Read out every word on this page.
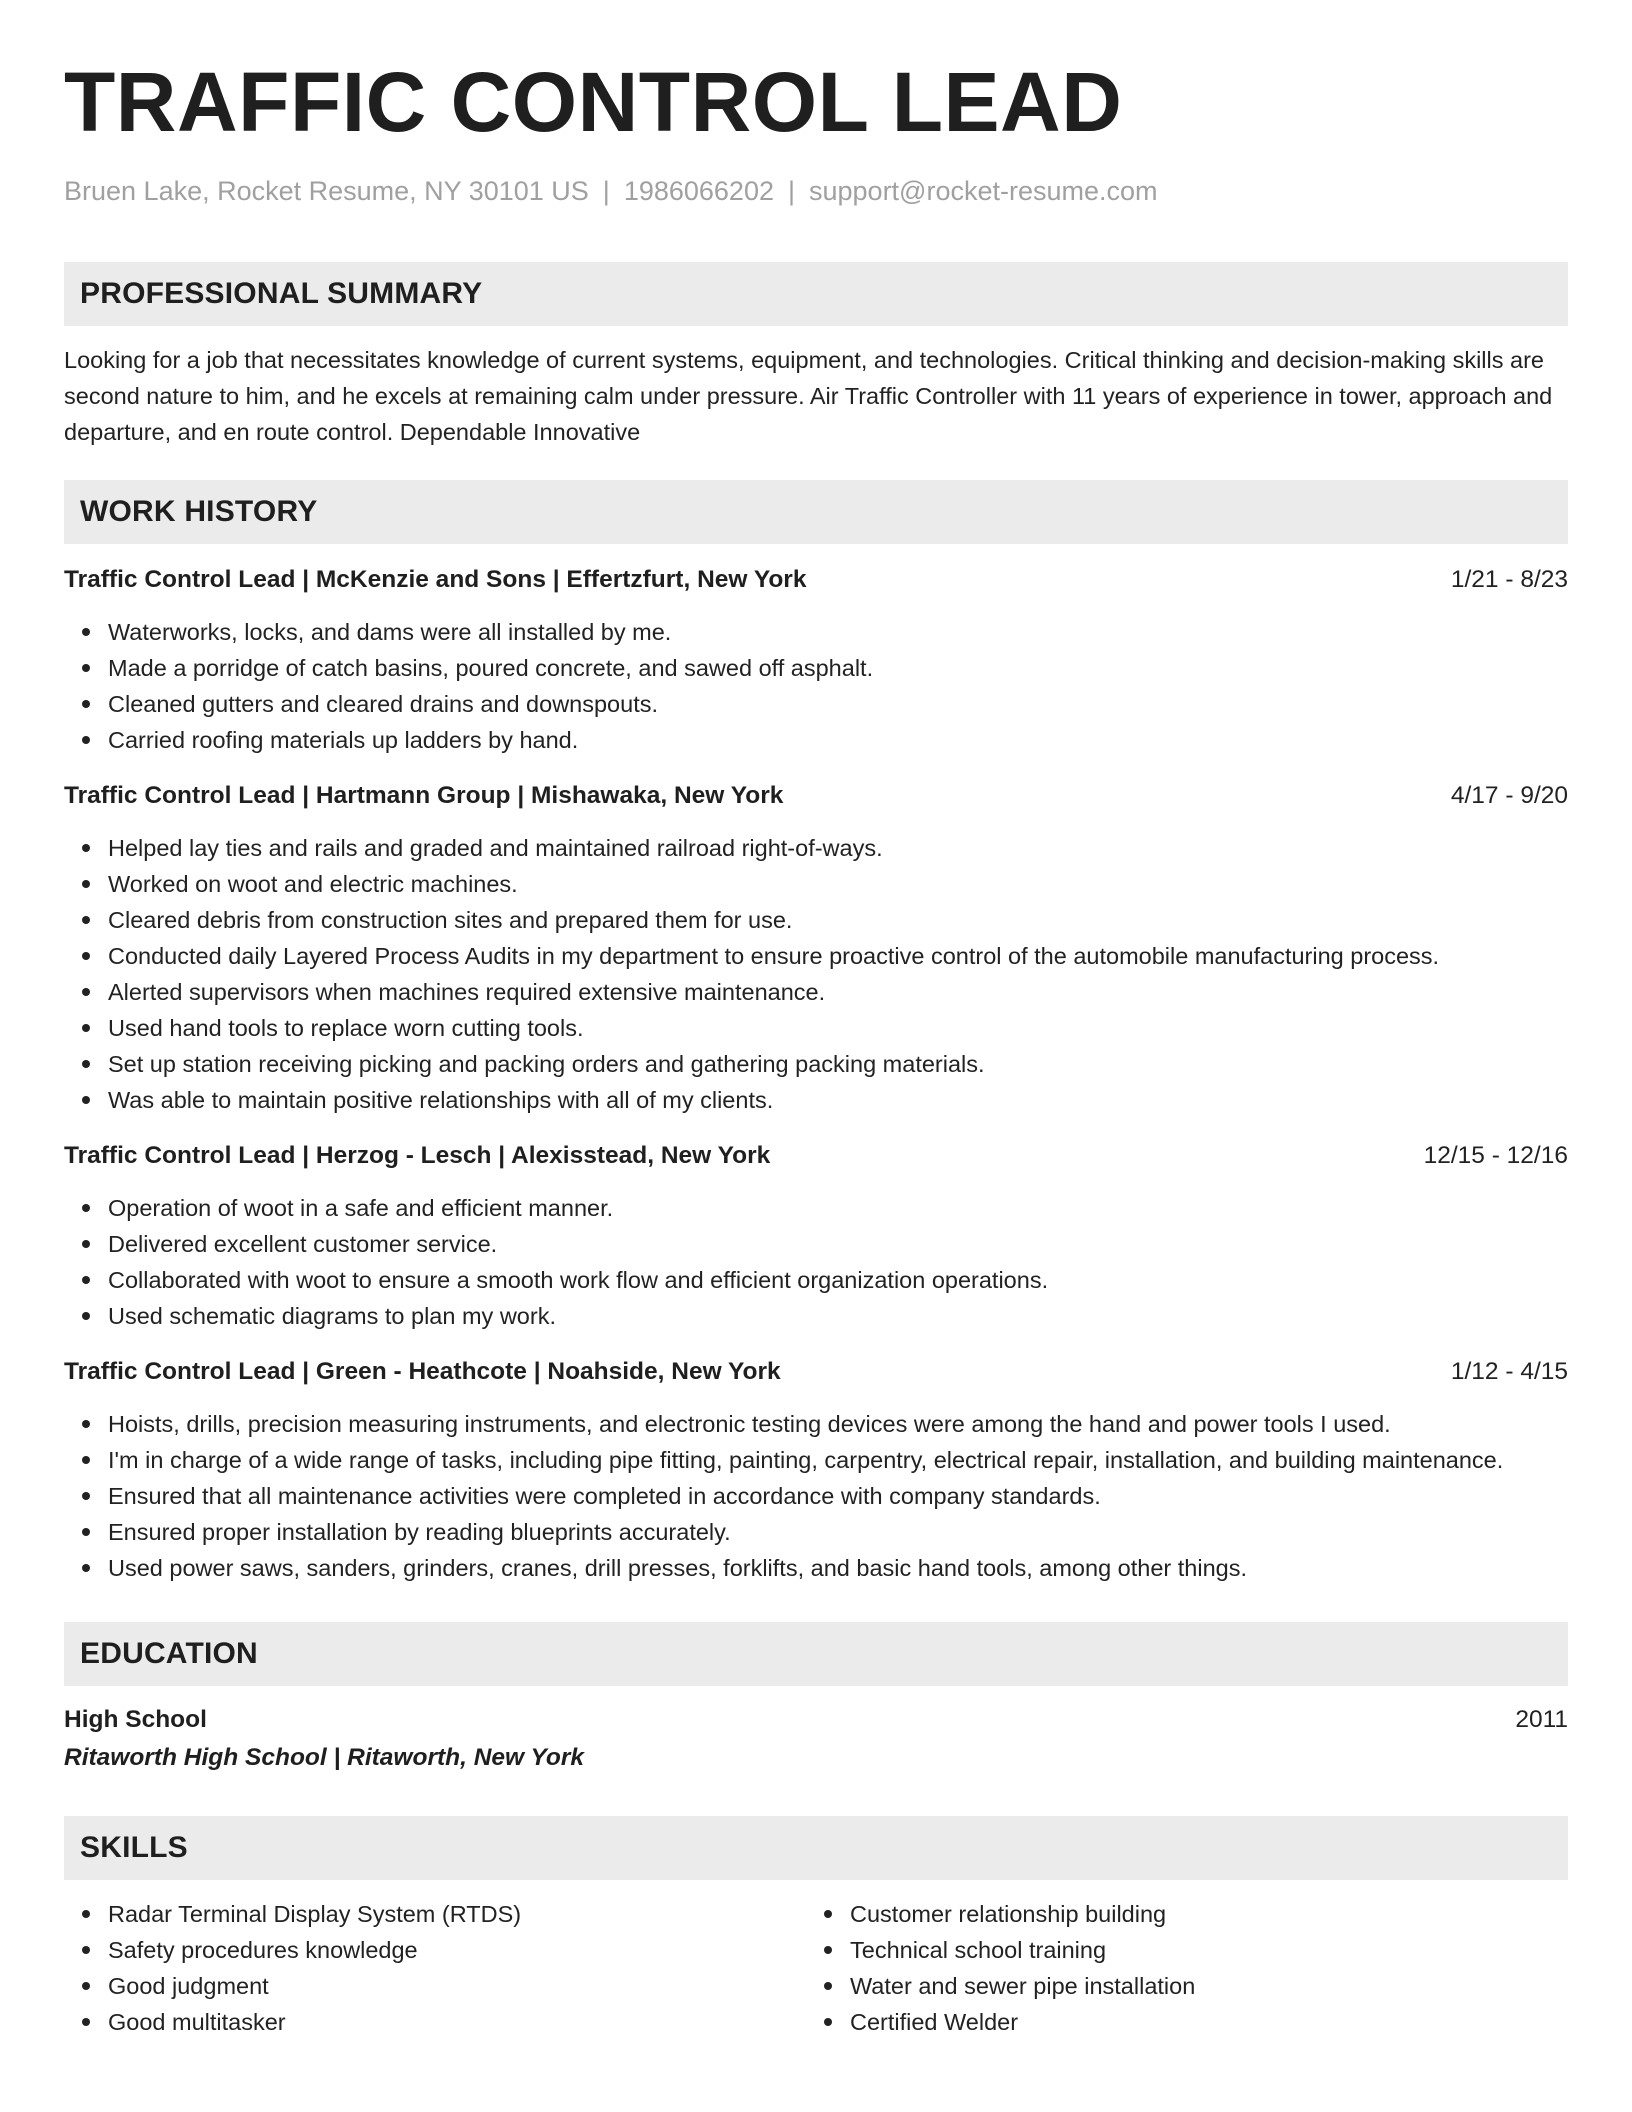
TRAFFIC CONTROL LEAD
Bruen Lake, Rocket Resume, NY 30101 US | 1986066202 | support@rocket-resume.com
PROFESSIONAL SUMMARY

Looking for a job that necessitates knowledge of current systems, equipment, and technologies. Critical thinking and decision-making skills are second nature to him, and he excels at remaining calm under pressure. Air Traffic Controller with 11 years of experience in tower, approach and departure, and en route control. Dependable Innovative

WORK HISTORY
Traffic Control Lead | McKenzie and Sons | Effertzfurt, New York	1/21 - 8/23
Waterworks, locks, and dams were all installed by me.
Made a porridge of catch basins, poured concrete, and sawed off asphalt.
Cleaned gutters and cleared drains and downspouts.
Carried roofing materials up ladders by hand.
Traffic Control Lead | Hartmann Group | Mishawaka, New York	4/17 - 9/20
Helped lay ties and rails and graded and maintained railroad right-of-ways.
Worked on woot and electric machines.
Cleared debris from construction sites and prepared them for use.
Conducted daily Layered Process Audits in my department to ensure proactive control of the automobile manufacturing process.
Alerted supervisors when machines required extensive maintenance.
Used hand tools to replace worn cutting tools.
Set up station receiving picking and packing orders and gathering packing materials.
Was able to maintain positive relationships with all of my clients.
Traffic Control Lead | Herzog - Lesch | Alexisstead, New York	12/15 - 12/16
Operation of woot in a safe and efficient manner.
Delivered excellent customer service.
Collaborated with woot to ensure a smooth work flow and efficient organization operations.
Used schematic diagrams to plan my work.
Traffic Control Lead | Green - Heathcote | Noahside, New York	1/12 - 4/15
Hoists, drills, precision measuring instruments, and electronic testing devices were among the hand and power tools I used.
I'm in charge of a wide range of tasks, including pipe fitting, painting, carpentry, electrical repair, installation, and building maintenance.
Ensured that all maintenance activities were completed in accordance with company standards.
Ensured proper installation by reading blueprints accurately.
Used power saws, sanders, grinders, cranes, drill presses, forklifts, and basic hand tools, among other things.
EDUCATION
High School	2011
Ritaworth High School | Ritaworth, New York
SKILLS
Radar Terminal Display System (RTDS)
Safety procedures knowledge
Good judgment
Good multitasker
Customer relationship building
Technical school training
Water and sewer pipe installation
Certified Welder
